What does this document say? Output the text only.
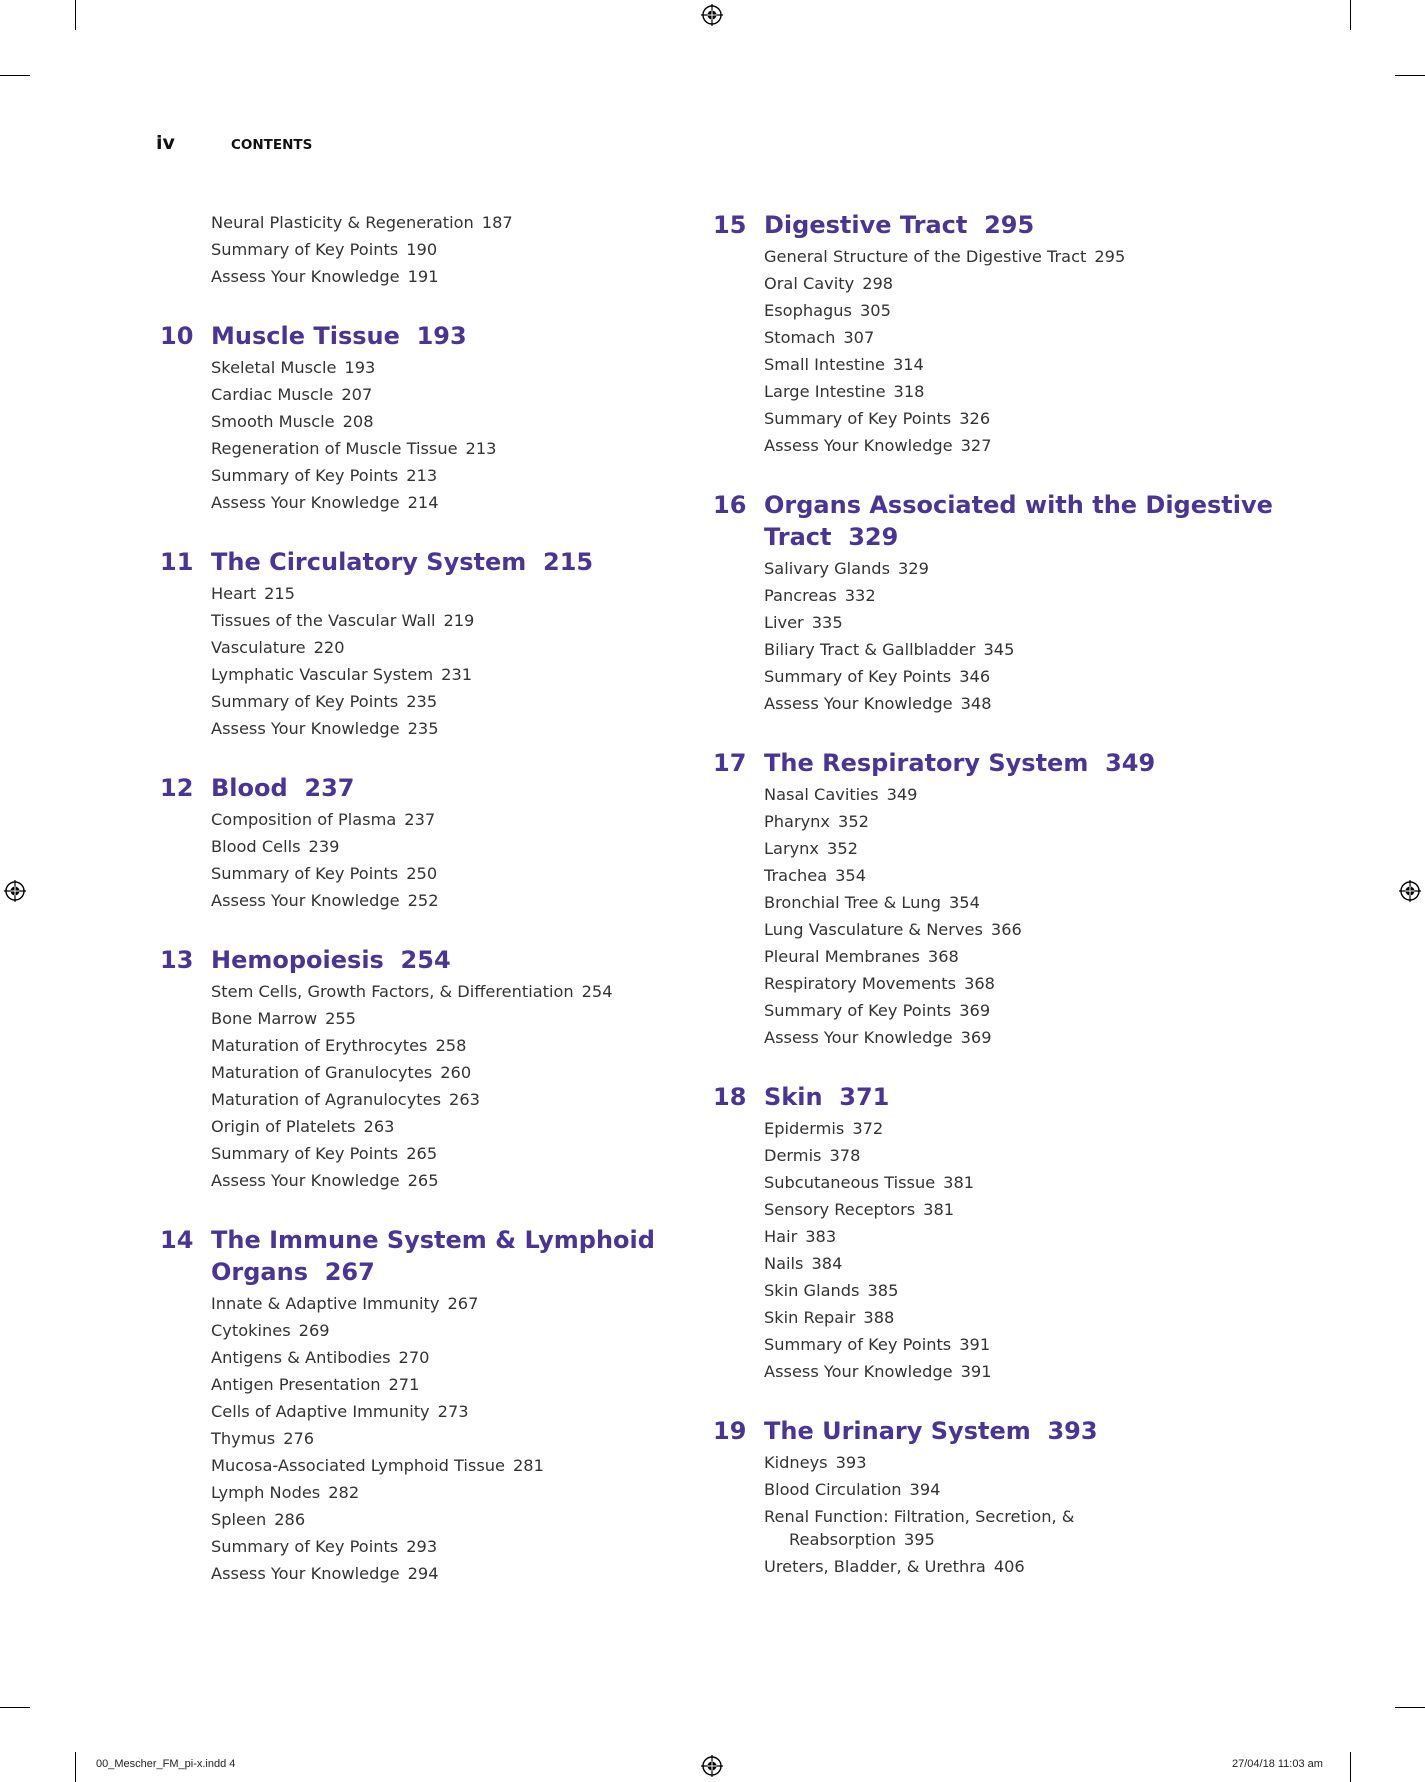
iv	CONTENTS
Neural Plasticity & Regeneration 187
Summary of Key Points 190
Assess Your Knowledge 191
10 Muscle Tissue 193
Skeletal Muscle 193
Cardiac Muscle 207
Smooth Muscle 208
Regeneration of Muscle Tissue 213
Summary of Key Points 213
Assess Your Knowledge 214
11 The Circulatory System 215
Heart 215
Tissues of the Vascular Wall 219
Vasculature 220
Lymphatic Vascular System 231
Summary of Key Points 235
Assess Your Knowledge 235
12 Blood 237
Composition of Plasma 237
Blood Cells 239
Summary of Key Points 250
Assess Your Knowledge 252
13 Hemopoiesis 254
Stem Cells, Growth Factors, & Differentiation 254
Bone Marrow 255
Maturation of Erythrocytes 258
Maturation of Granulocytes 260
Maturation of Agranulocytes 263
Origin of Platelets 263
Summary of Key Points 265
Assess Your Knowledge 265
14 The Immune System & Lymphoid
Organs 267
Innate & Adaptive Immunity 267
Cytokines 269
Antigens & Antibodies 270
Antigen Presentation 271
Cells of Adaptive Immunity 273
Thymus 276
Mucosa-Associated Lymphoid Tissue 281
Lymph Nodes 282
Spleen 286
Summary of Key Points 293
Assess Your Knowledge 294
15 Digestive Tract 295
General Structure of the Digestive Tract 295
Oral Cavity 298
Esophagus 305
Stomach 307
Small Intestine 314
Large Intestine 318
Summary of Key Points 326
Assess Your Knowledge 327
16 Organs Associated with the Digestive
Tract 329
Salivary Glands 329
Pancreas 332
Liver 335
Biliary Tract & Gallbladder 345
Summary of Key Points 346
Assess Your Knowledge 348
17 The Respiratory System 349
Nasal Cavities 349
Pharynx 352
Larynx 352
Trachea 354
Bronchial Tree & Lung 354
Lung Vasculature & Nerves 366
Pleural Membranes 368
Respiratory Movements 368
Summary of Key Points 369
Assess Your Knowledge 369
18 Skin 371
Epidermis 372
Dermis 378
Subcutaneous Tissue 381
Sensory Receptors 381
Hair 383
Nails 384
Skin Glands 385
Skin Repair 388
Summary of Key Points 391
Assess Your Knowledge 391
19 The Urinary System 393
Kidneys 393
Blood Circulation 394
Renal Function: Filtration, Secretion, &
Reabsorption 395
Ureters, Bladder, & Urethra 406
00_Mescher_FM_pi-x.indd 4	27/04/18 11:03 am
